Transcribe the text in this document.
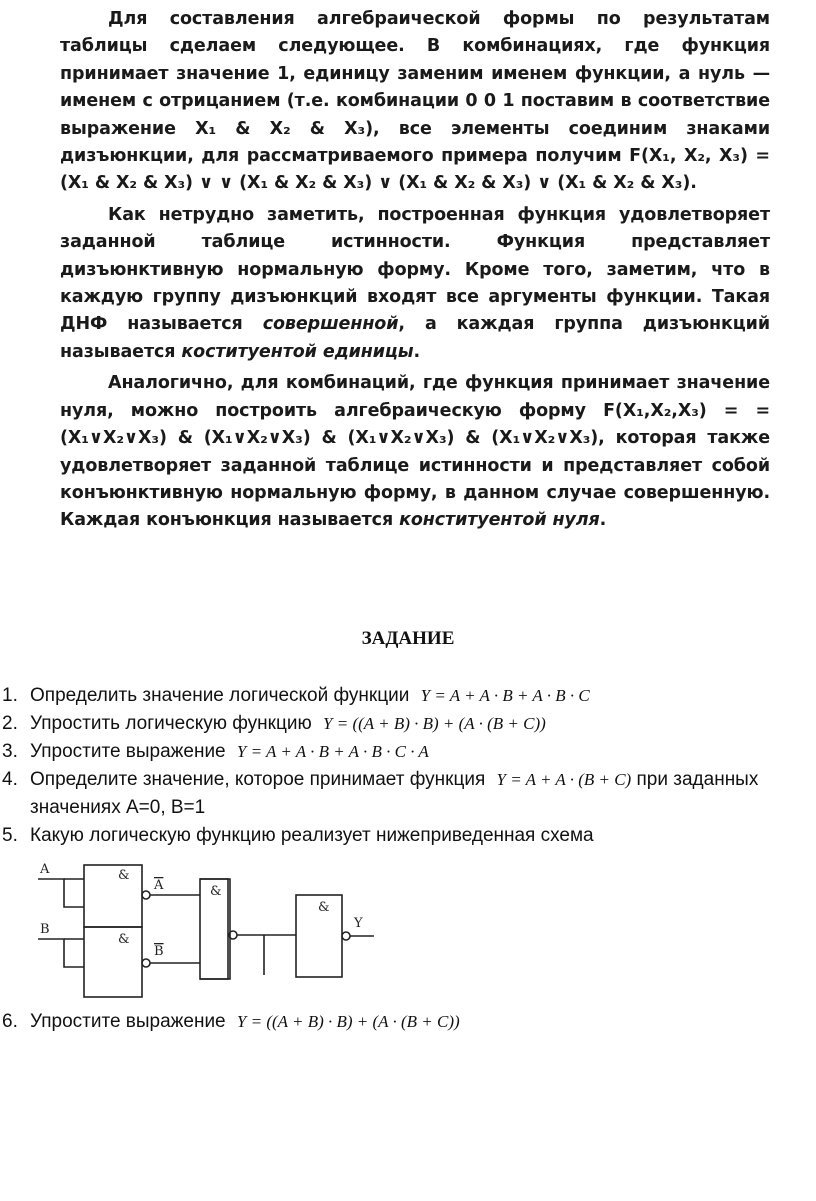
Для составления алгебраической формы по результатам таблицы сделаем следующее. В комбинациях, где функция принимает значение 1, единицу заменим именем функции, а нуль — именем с отрицанием (т.е. комбинации 0 0 1 поставим в соответствие выражение X₁ & X₂ & X₃), все элементы соединим знаками дизъюнкции, для рассматриваемого примера получим F(X₁, X₂, X₃) = (X₁ & X₂ & X₃) ∨ ∨ (X₁ & X₂ & X₃) ∨ (X₁ & X₂ & X₃) ∨ (X₁ & X₂ & X₃).

Как нетрудно заметить, построенная функция удовлетворяет заданной таблице истинности. Функция представляет дизъюнктивную нормальную форму. Кроме того, заметим, что в каждую группу дизъюнкций входят все аргументы функции. Такая ДНФ называется совершенной, а каждая группа дизъюнкций называется коституентой единицы.

Аналогично, для комбинаций, где функция принимает значение нуля, можно построить алгебраическую форму F(X₁,X₂,X₃) = = (X₁∨X₂∨X₃) & (X₁∨X₂∨X₃) & (X₁∨X₂∨X₃) & (X₁∨X₂∨X₃), которая также удовлетворяет заданной таблице истинности и представляет собой конъюнктивную нормальную форму, в данном случае совершенную. Каждая конъюнкция называется конституентой нуля.

ЗАДАНИЕ
1. Определить значение логической функции Y = A + A · B + A · B · C
2. Упростить логическую функцию Y = ((A + B) · B) + (A · (B + C))
3. Упростите выражение Y = A + A · B + A · B · C · A
4. Определите значение, которое принимает функция Y = A + A · (B + C) при заданных значениях А=0, В=1
5. Какую логическую функцию реализует нижеприведенная схема
A
B
&
&
&
&
A
B
Y
6. Упростите выражение Y = ((A + B) · B) + (A · (B + C))
